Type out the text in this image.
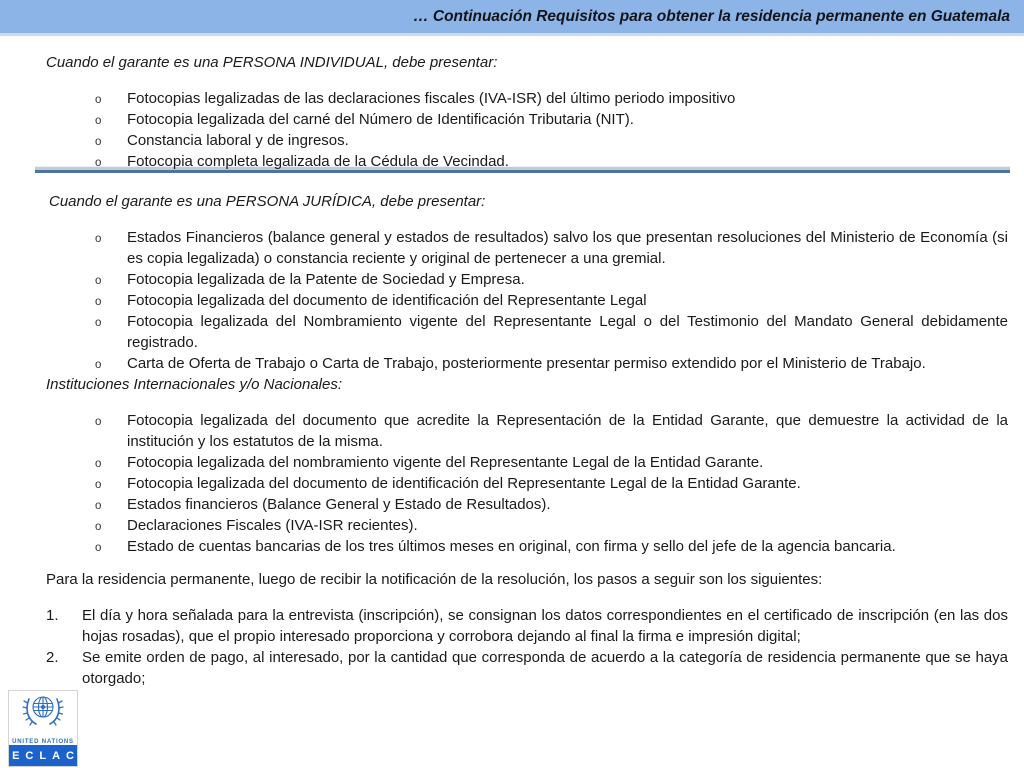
… Continuación Requisitos para obtener la residencia permanente en Guatemala
UNITED NATIONS
ECLAC

Cuando el garante es una PERSONA INDIVIDUAL, debe presentar:

o Fotocopias legalizadas de las declaraciones fiscales (IVA-ISR) del último periodo impositivo
o Fotocopia legalizada del carné del Número de Identificación Tributaria (NIT).
o Constancia laboral y de ingresos.
o Fotocopia completa legalizada de la Cédula de Vecindad.

Cuando el garante es una PERSONA JURÍDICA, debe presentar:

o Estados Financieros (balance general y estados de resultados) salvo los que presentan resoluciones del Ministerio de Economía (si es copia legalizada) o constancia reciente y original de pertenecer a una gremial.
o Fotocopia legalizada de la Patente de Sociedad y Empresa.
o Fotocopia legalizada del documento de identificación del Representante Legal
o Fotocopia legalizada del Nombramiento vigente del Representante Legal o del Testimonio del Mandato General debidamente registrado.
o Carta de Oferta de Trabajo o Carta de Trabajo, posteriormente presentar permiso extendido por el Ministerio de Trabajo.

Instituciones Internacionales y/o Nacionales:

o Fotocopia legalizada del documento que acredite la Representación de la Entidad Garante, que demuestre la actividad de la institución y los estatutos de la misma.
o Fotocopia legalizada del nombramiento vigente del Representante Legal de la Entidad Garante.
o Fotocopia legalizada del documento de identificación del Representante Legal de la Entidad Garante.
o Estados financieros (Balance General y Estado de Resultados).
o Declaraciones Fiscales (IVA-ISR recientes).
o Estado de cuentas bancarias de los tres últimos meses en original, con firma y sello del jefe de la agencia bancaria.

Para la residencia permanente, luego de recibir la notificación de la resolución, los pasos a seguir son los siguientes:

1. El día y hora señalada para la entrevista (inscripción), se consignan los datos correspondientes en el certificado de inscripción (en las dos hojas rosadas), que el propio interesado proporciona y corrobora dejando al final la firma e impresión digital;
2. Se emite orden de pago, al interesado, por la cantidad que corresponda de acuerdo a la categoría de residencia permanente que se haya otorgado;
